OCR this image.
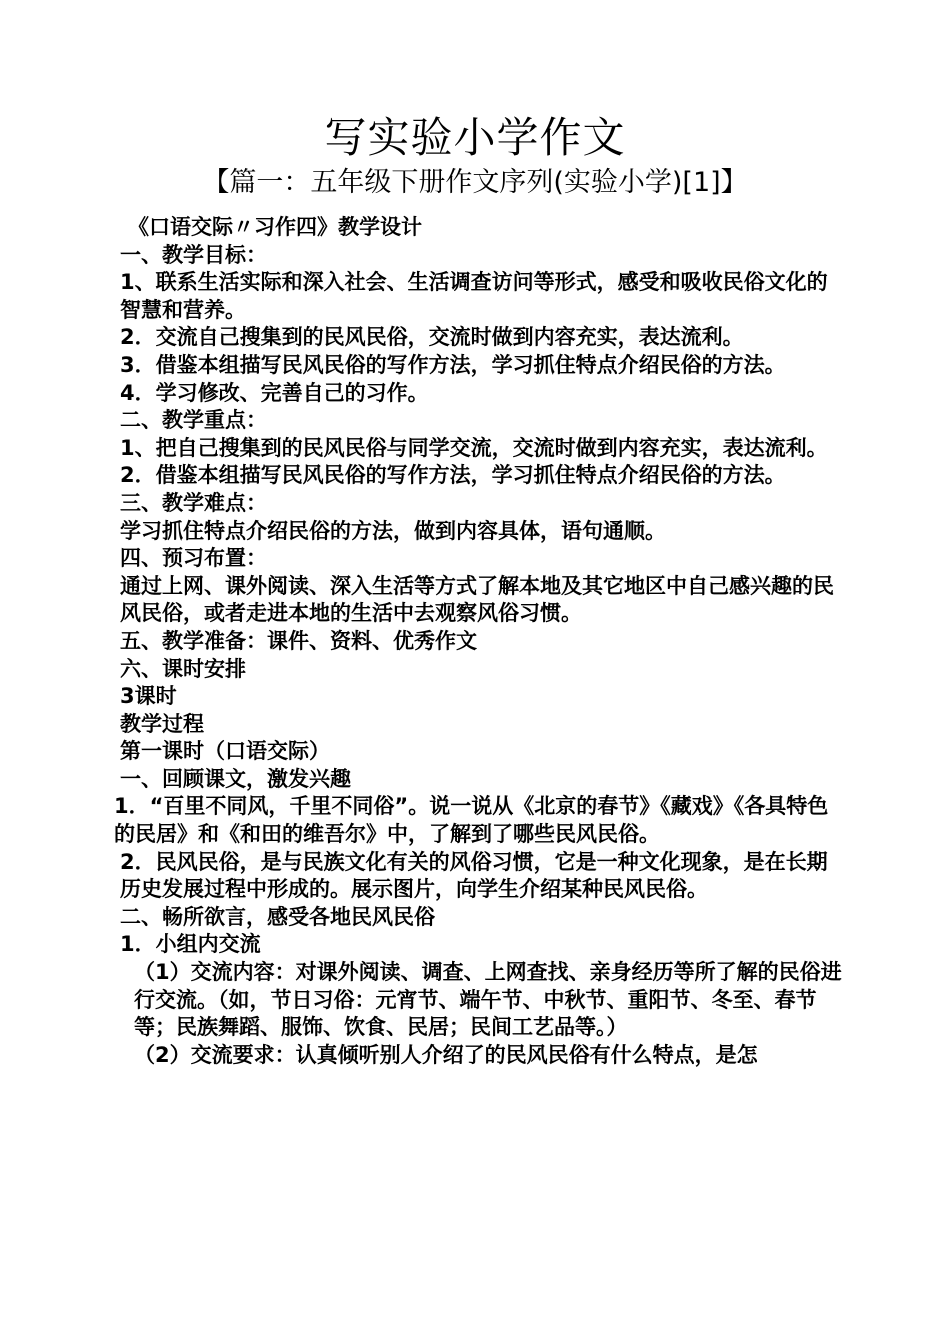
写实验小学作文
【篇一：五年级下册作文序列(实验小学)[1]】

《口语交际〃习作四》教学设计

一、教学目标：

1、联系生活实际和深入社会、生活调查访问等形式，感受和吸收民俗文化的智慧和营养。

2．交流自己搜集到的民风民俗，交流时做到内容充实，表达流利。

3．借鉴本组描写民风民俗的写作方法，学习抓住特点介绍民俗的方法。

4．学习修改、完善自己的习作。

二、教学重点：

1、把自己搜集到的民风民俗与同学交流，交流时做到内容充实，表达流利。

2．借鉴本组描写民风民俗的写作方法，学习抓住特点介绍民俗的方法。

三、教学难点：

学习抓住特点介绍民俗的方法，做到内容具体，语句通顺。

四、预习布置：

通过上网、课外阅读、深入生活等方式了解本地及其它地区中自己感兴趣的民风民俗，或者走进本地的生活中去观察风俗习惯。

五、教学准备：课件、资料、优秀作文

六、课时安排

3课时

教学过程

第一课时（口语交际）

一、回顾课文，激发兴趣

1．“百里不同风，千里不同俗”。说一说从《北京的春节》《藏戏》《各具特色的民居》和《和田的维吾尔》中，了解到了哪些民风民俗。

2．民风民俗，是与民族文化有关的风俗习惯，它是一种文化现象，是在长期历史发展过程中形成的。展示图片，向学生介绍某种民风民俗。

二、畅所欲言，感受各地民风民俗

1．小组内交流

（1）交流内容：对课外阅读、调查、上网查找、亲身经历等所了解的民俗进行交流。（如，节日习俗：元宵节、端午节、中秋节、重阳节、冬至、春节等；民族舞蹈、服饰、饮食、民居；民间工艺品等。）

（2）交流要求：认真倾听别人介绍了的民风民俗有什么特点，是怎
